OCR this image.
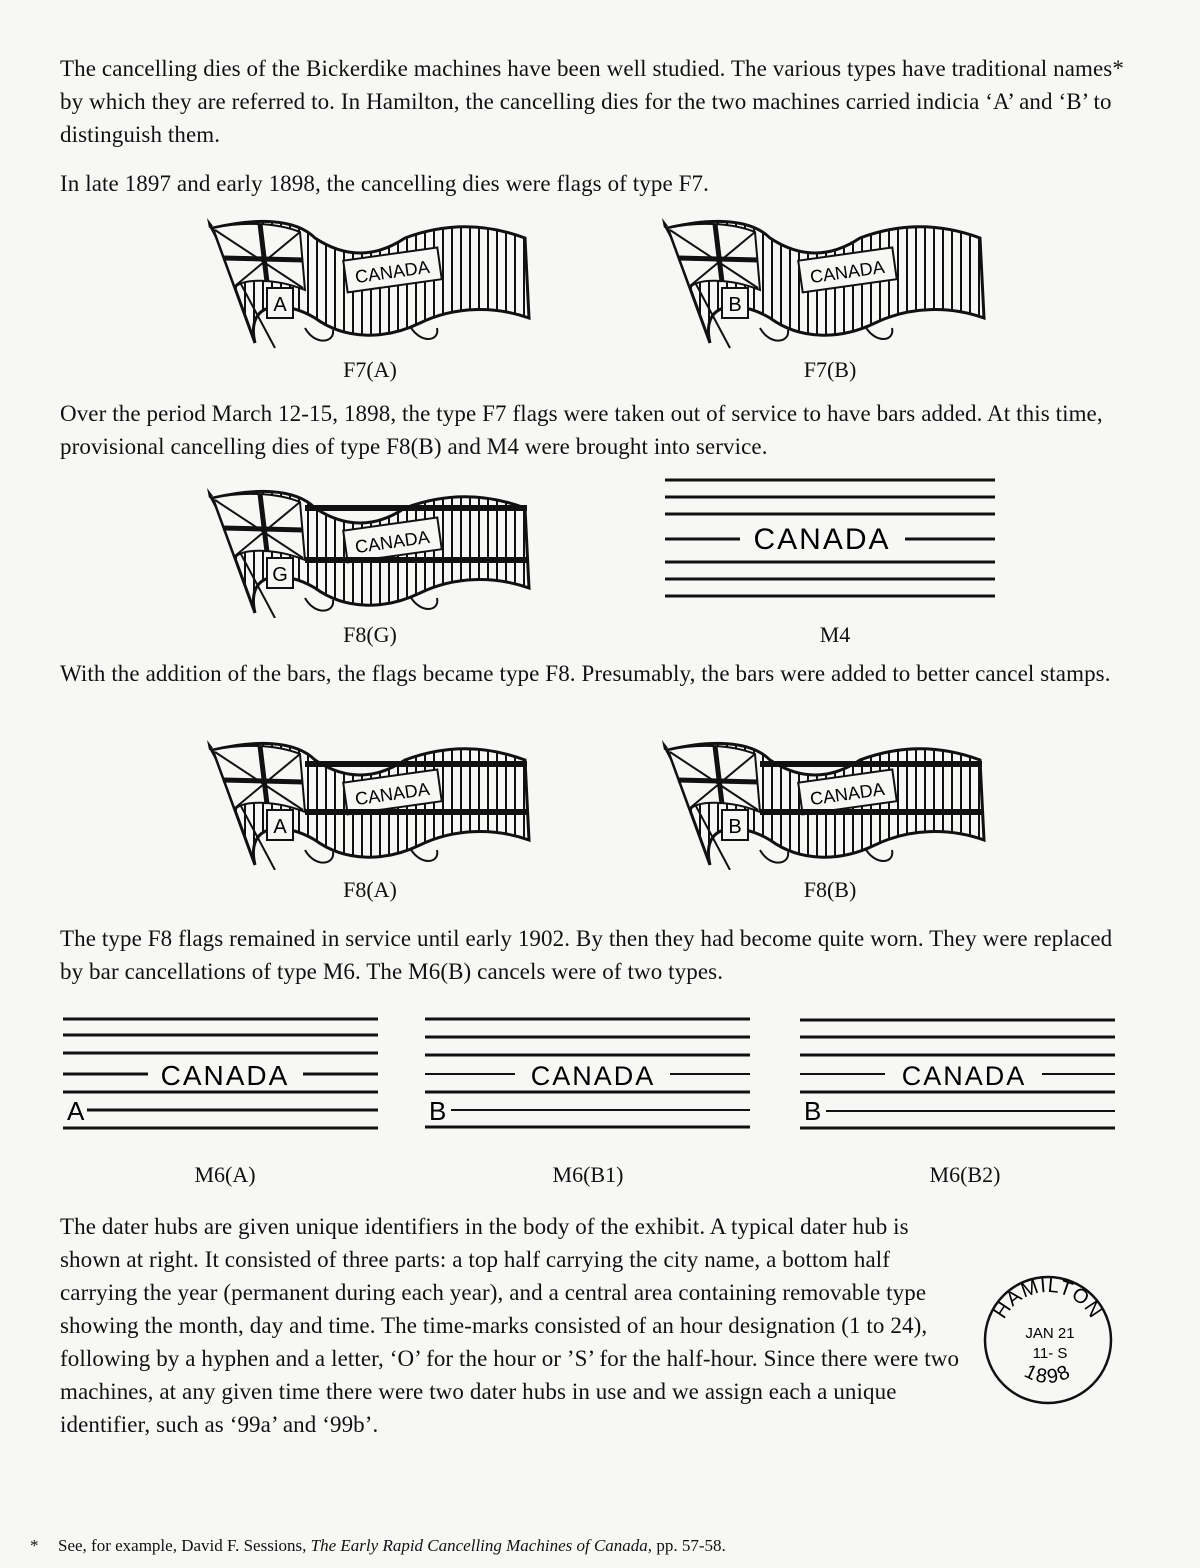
The cancelling dies of the Bickerdike machines have been well studied. The various types have traditional names* by which they are referred to. In Hamilton, the cancelling dies for the two machines carried indicia ‘A’ and ‘B’ to distinguish them.

In late 1897 and early 1898, the cancelling dies were flags of type F7.

A
CANADA
F7(A)
B
CANADA
F7(B)

Over the period March 12-15, 1898, the type F7 flags were taken out of service to have bars added. At this time, provisional cancelling dies of type F8(B) and M4 were brought into service.

G
CANADA
F8(G)
CANADA
M4

With the addition of the bars, the flags became type F8. Presumably, the bars were added to better cancel stamps.

A
CANADA
F8(A)
B
CANADA
F8(B)

The type F8 flags remained in service until early 1902. By then they had become quite worn. They were replaced by bar cancellations of type M6. The M6(B) cancels were of two types.

CANADA
A
M6(A)
CANADA
B
M6(B1)
CANADA
B
M6(B2)

The dater hubs are given unique identifiers in the body of the exhibit. A typical dater hub is shown at right. It consisted of three parts: a top half carrying the city name, a bottom half carrying the year (permanent during each year), and a central area containing removable type showing the month, day and time. The time-marks consisted of an hour designation (1 to 24), following by a hyphen and a letter, ‘O’ for the hour or ’S’ for the half-hour. Since there were two machines, at any given time there were two dater hubs in use and we assign each a unique identifier, such as ‘99a’ and ‘99b’.

HAMILTON
JAN 21
11- S
1898
* See, for example, David F. Sessions, The Early Rapid Cancelling Machines of Canada, pp. 57-58.
